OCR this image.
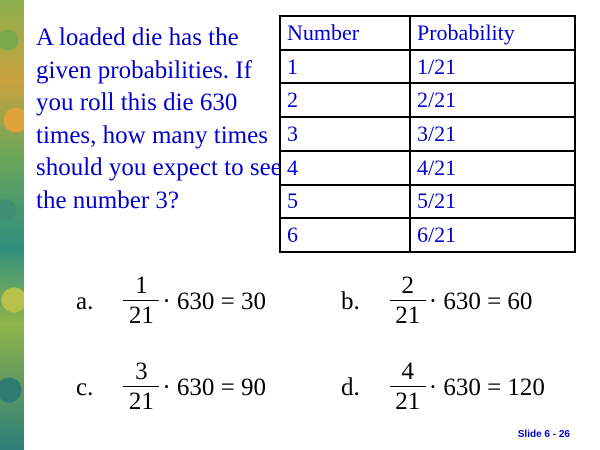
A loaded die has the given probabilities. If you roll this die 630 times, how many times should you expect to see the number 3?

Number	Probability
1	1/21
2	2/21
3	3/21
4	4/21
5	5/21
6	6/21
a. $\frac{1}{21} \cdot 630 = 30$	b. $\frac{2}{21} \cdot 630 = 60$
c. $\frac{3}{21} \cdot 630 = 90$	d. $\frac{4}{21} \cdot 630 = 120$
Slide 6 - 26
